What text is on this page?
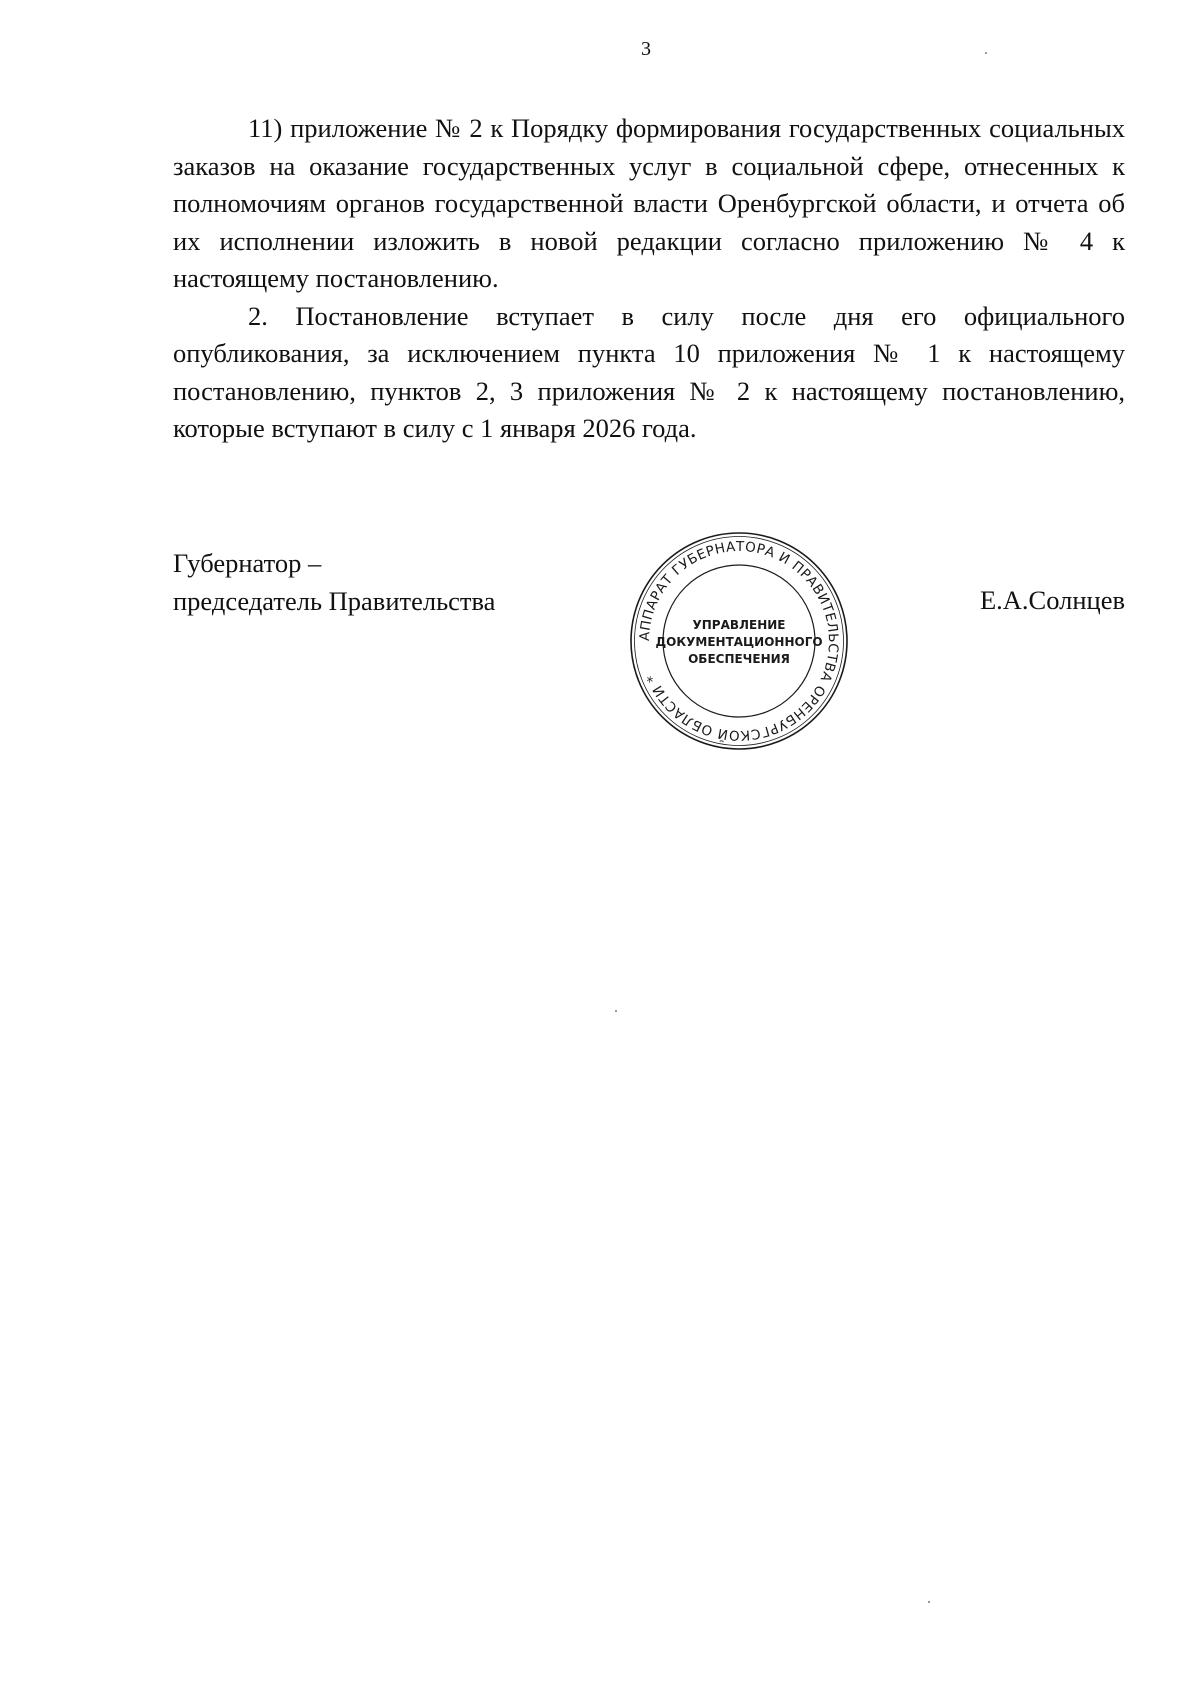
3

11) приложение № 2 к Порядку формирования государственных социальных заказов на оказание государственных услуг в социальной сфере, отнесенных к полномочиям органов государственной власти Оренбургской области, и отчета об их исполнении изложить в новой редакции согласно приложению № 4 к настоящему постановлению.

2. Постановление вступает в силу после дня его официального опубликования, за исключением пункта 10 приложения № 1 к настоящему постановлению, пунктов 2, 3 приложения № 2 к настоящему постановлению, которые вступают в силу с 1 января 2026 года.

Губернатор –
председатель Правительства	Е.А.Солнцев
АППАРАТ ГУБЕРНАТОРА И ПРАВИТЕЛЬСТВА ОРЕНБУРГСКОЙ ОБЛАСТИ *
УПРАВЛЕНИЕ
ДОКУМЕНТАЦИОННОГО
ОБЕСПЕЧЕНИЯ
